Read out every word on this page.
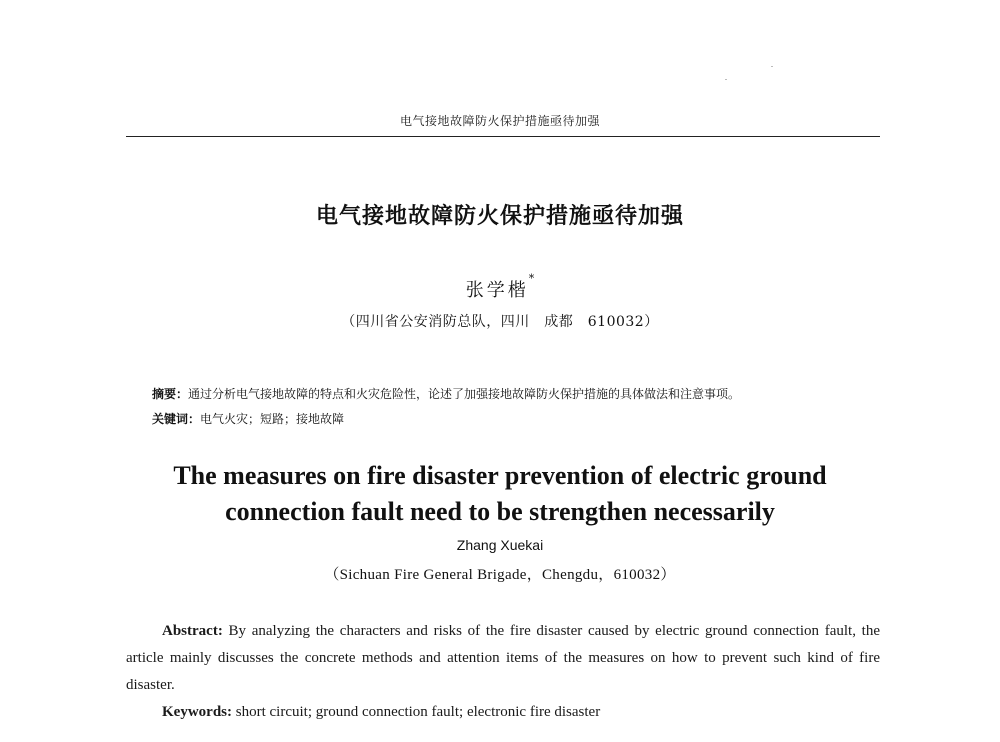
电气接地故障防火保护措施亟待加强
电气接地故障防火保护措施亟待加强
张学楷*
（四川省公安消防总队，四川　成都　610032）
摘要：通过分析电气接地故障的特点和火灾危险性，论述了加强接地故障防火保护措施的具体做法和注意事项。
关键词：电气火灾；短路；接地故障
The measures on fire disaster prevention of electric ground
connection fault need to be strengthen necessarily
Zhang Xuekai
（Sichuan Fire General Brigade，Chengdu，610032）
Abstract: By analyzing the characters and risks of the fire disaster caused by electric ground connection fault, the article mainly discusses the concrete methods and attention items of the measures on how to prevent such kind of fire disaster.
Keywords: short circuit; ground connection fault; electronic fire disaster
